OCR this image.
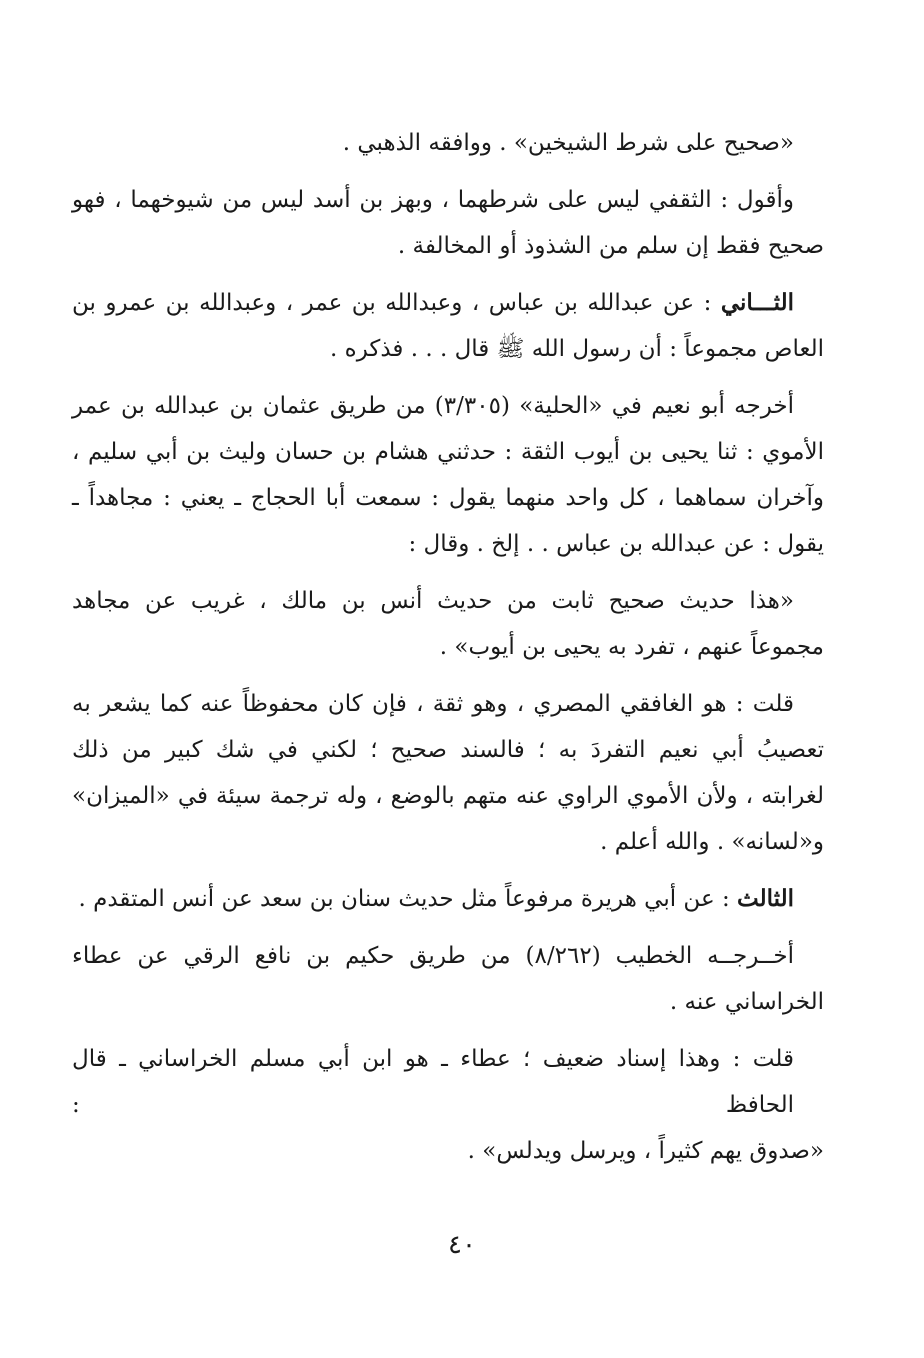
«صحيح على شرط الشيخين» . ووافقه الذهبي .

وأقول : الثقفي ليس على شرطهما ، وبهز بن أسد ليس من شيوخهما ، فهو
صحيح فقط إن سلم من الشذوذ أو المخالفة .

الثـــاني : عن عبدالله بن عباس ، وعبدالله بن عمر ، وعبدالله بن عمرو بن
العاص مجموعاً : أن رسول الله ﷺ قال . . . فذكره .

أخرجه أبو نعيم في «الحلية» (٣/٣٠٥) من طريق عثمان بن عبدالله بن عمر
الأموي : ثنا يحيى بن أيوب الثقة : حدثني هشام بن حسان وليث بن أبي سليم ،
وآخران سماهما ، كل واحد منهما يقول : سمعت أبا الحجاج ـ يعني : مجاهداً ـ
يقول : عن عبدالله بن عباس . . إلخ . وقال :

«هذا حديث صحيح ثابت من حديث أنس بن مالك ، غريب عن مجاهد
مجموعاً عنهم ، تفرد به يحيى بن أيوب» .

قلت : هو الغافقي المصري ، وهو ثقة ، فإن كان محفوظاً عنه كما يشعر به
تعصيبُ أبي نعيم التفردَ به ؛ فالسند صحيح ؛ لكني في شك كبير من ذلك
لغرابته ، ولأن الأموي الراوي عنه متهم بالوضع ، وله ترجمة سيئة في «الميزان»
و«لسانه» . والله أعلم .

الثالث : عن أبي هريرة مرفوعاً مثل حديث سنان بن سعد عن أنس المتقدم .

أخــرجــه الخطيب (٨/٢٦٢) من طريق حكيم بن نافع الرقي عن عطاء
الخراساني عنه .

قلت : وهذا إسناد ضعيف ؛ عطاء ـ هو ابن أبي مسلم الخراساني ـ قال الحافظ :
«صدوق يهم كثيراً ، ويرسل ويدلس» .

٤٠
